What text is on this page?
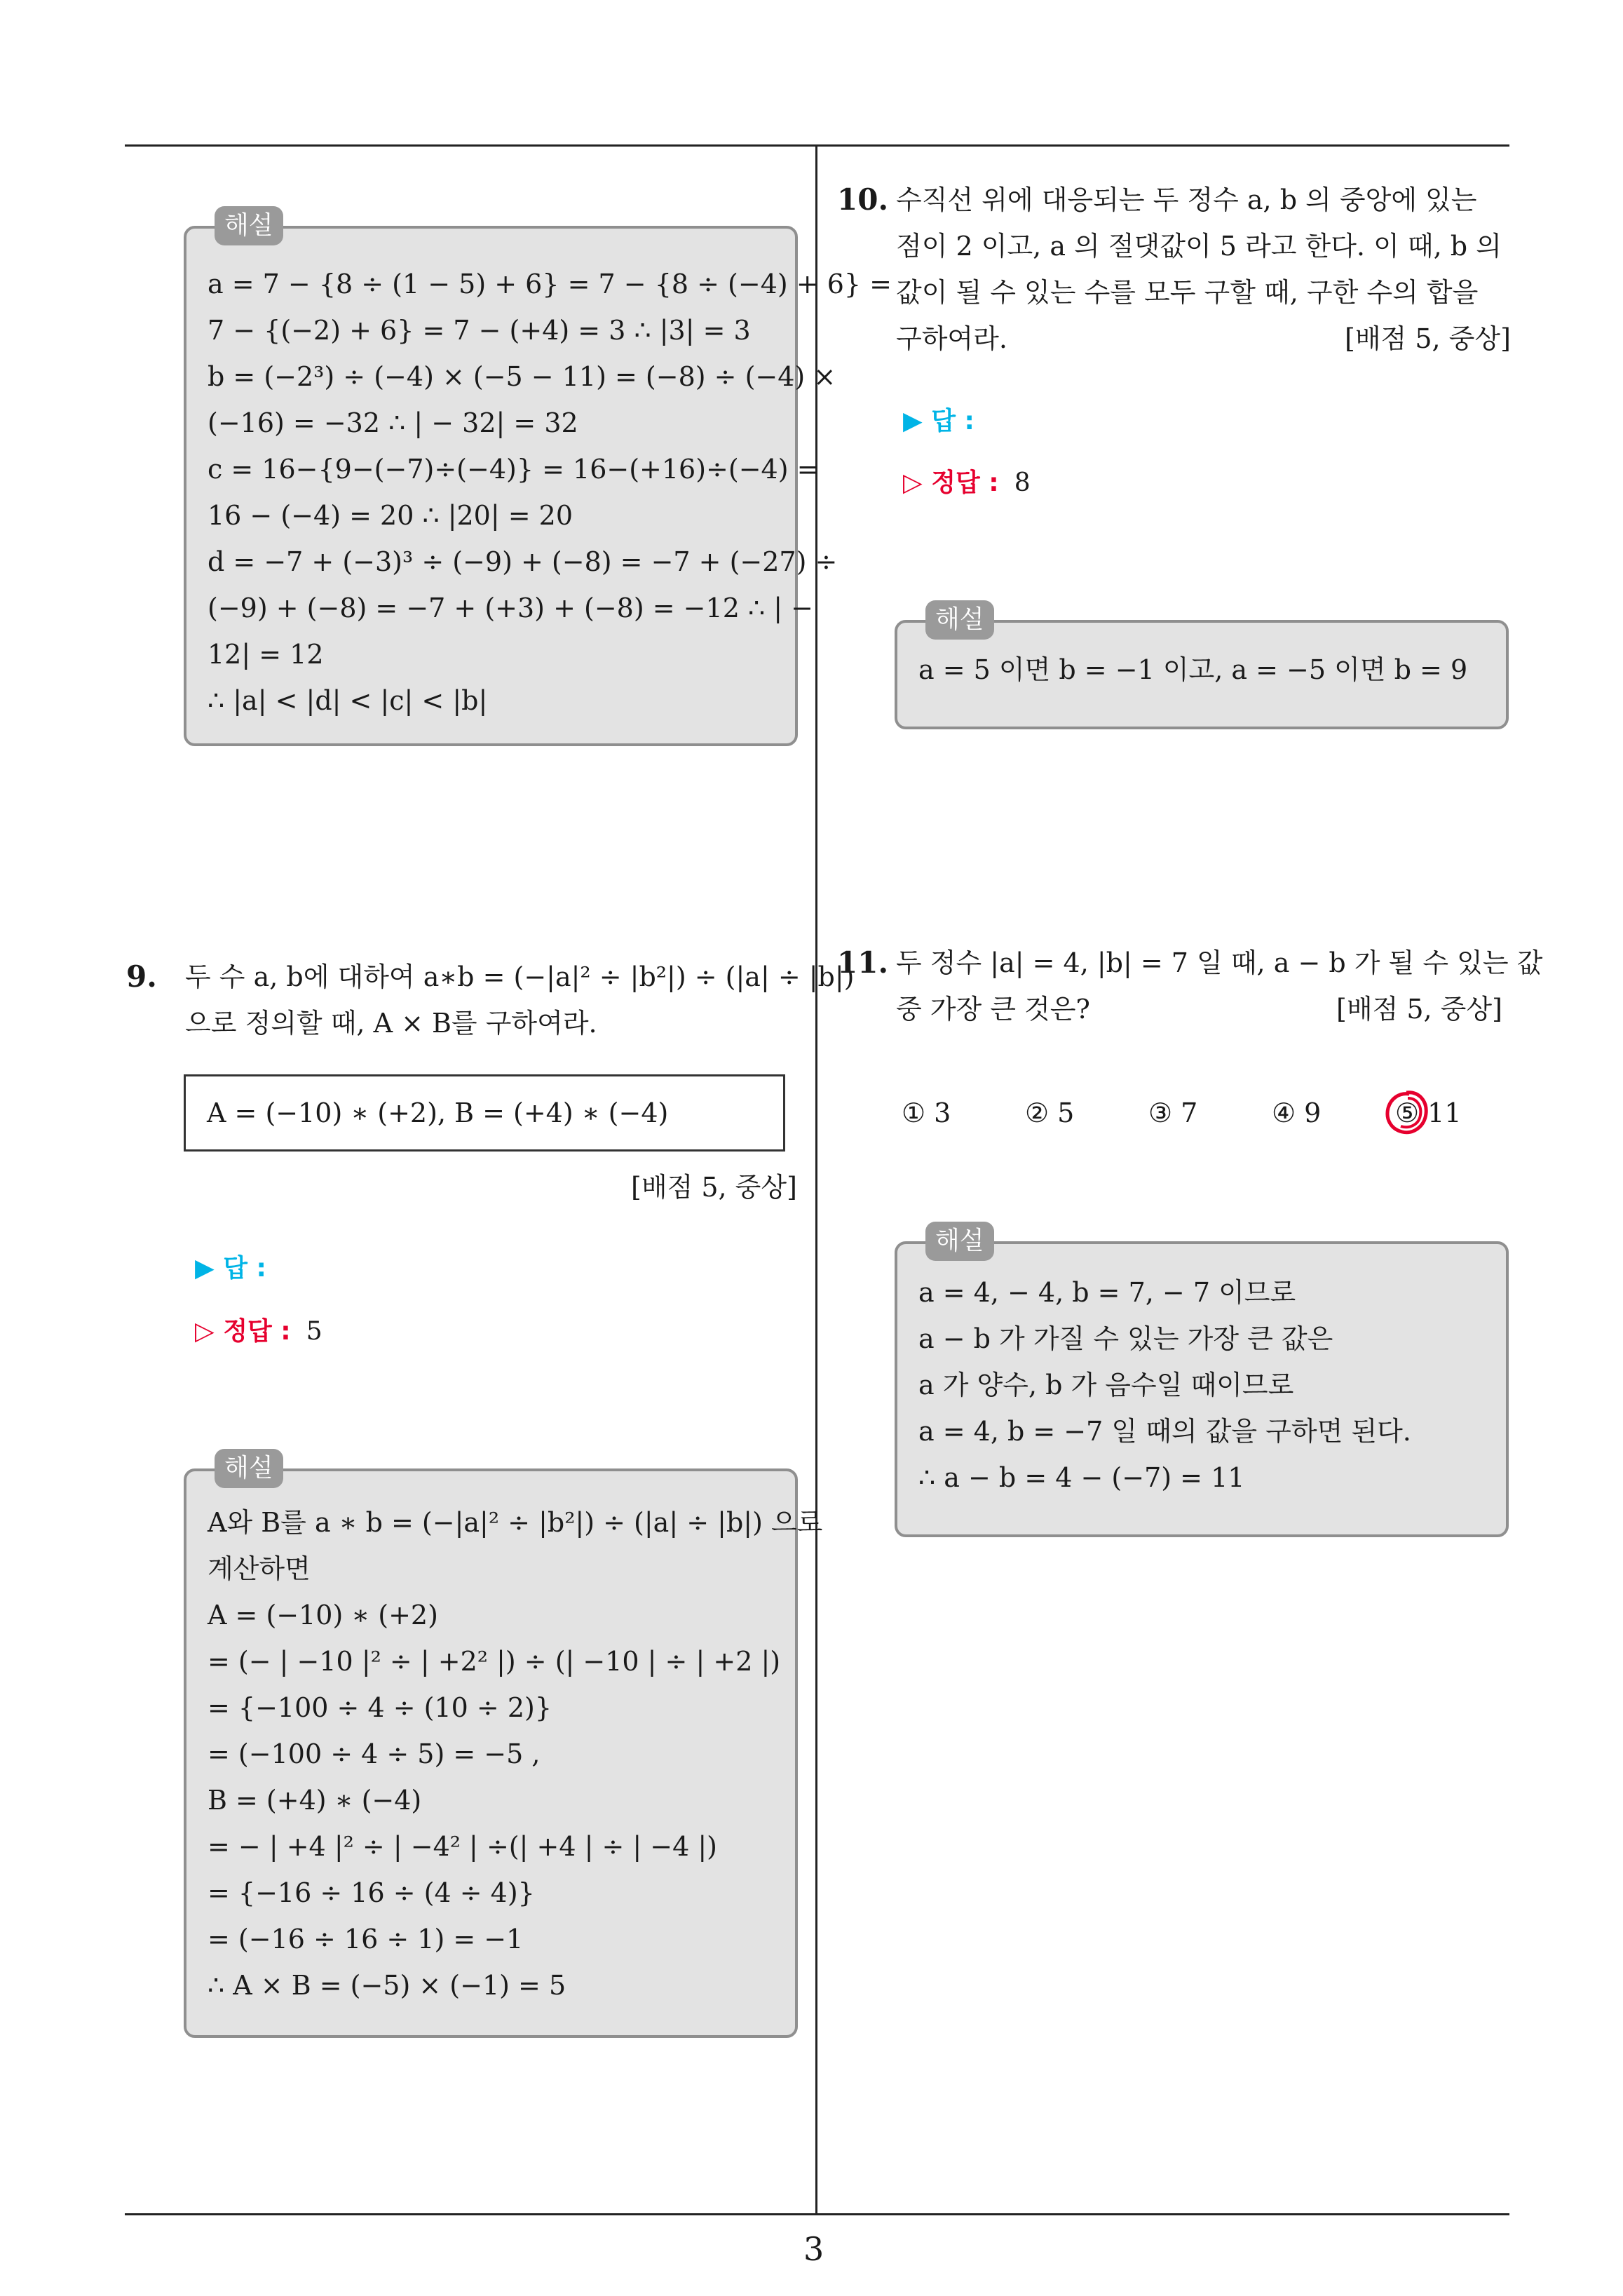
해설
a = 7 − {8 ÷ (1 − 5) + 6} = 7 − {8 ÷ (−4) + 6} =
7 − {(−2) + 6} = 7 − (+4) = 3 ∴ |3| = 3
b = (−2³) ÷ (−4) × (−5 − 11) = (−8) ÷ (−4) ×
(−16) = −32 ∴ | − 32| = 32
c = 16−{9−(−7)÷(−4)} = 16−(+16)÷(−4) =
16 − (−4) = 20 ∴ |20| = 20
d = −7 + (−3)³ ÷ (−9) + (−8) = −7 + (−27) ÷
(−9) + (−8) = −7 + (+3) + (−8) = −12 ∴ | −
12| = 12
∴ |a| < |d| < |c| < |b|
9. 두 수 a, b에 대하여 a∗b = (−|a|² ÷ |b²|) ÷ (|a| ÷ |b|)
으로 정의할 때, A × B를 구하여라.
A = (−10) ∗ (+2), B = (+4) ∗ (−4)
[배점 5, 중상]
▶ 답 :
▷ 정답 : 5
해설
A와 B를 a ∗ b = (−|a|² ÷ |b²|) ÷ (|a| ÷ |b|) 으로
계산하면
A = (−10) ∗ (+2)
= (− | −10 |² ÷ | +2² |) ÷ (| −10 | ÷ | +2 |)
= {−100 ÷ 4 ÷ (10 ÷ 2)}
= (−100 ÷ 4 ÷ 5) = −5 ,
B = (+4) ∗ (−4)
= − | +4 |² ÷ | −4² | ÷(| +4 | ÷ | −4 |)
= {−16 ÷ 16 ÷ (4 ÷ 4)}
= (−16 ÷ 16 ÷ 1) = −1
∴ A × B = (−5) × (−1) = 5
10. 수직선 위에 대응되는 두 정수 a, b 의 중앙에 있는
점이 2 이고, a 의 절댓값이 5 라고 한다. 이 때, b 의
값이 될 수 있는 수를 모두 구할 때, 구한 수의 합을
구하여라.	[배점 5, 중상]
▶ 답 :
▷ 정답 : 8
해설
a = 5 이면 b = −1 이고, a = −5 이면 b = 9
11. 두 정수 |a| = 4, |b| = 7 일 때, a − b 가 될 수 있는 값
중 가장 큰 것은?	[배점 5, 중상]
① 3	② 5	③ 7	④ 9	⑤ 11
해설
a = 4, − 4, b = 7, − 7 이므로
a − b 가 가질 수 있는 가장 큰 값은
a 가 양수, b 가 음수일 때이므로
a = 4, b = −7 일 때의 값을 구하면 된다.
∴ a − b = 4 − (−7) = 11
3
